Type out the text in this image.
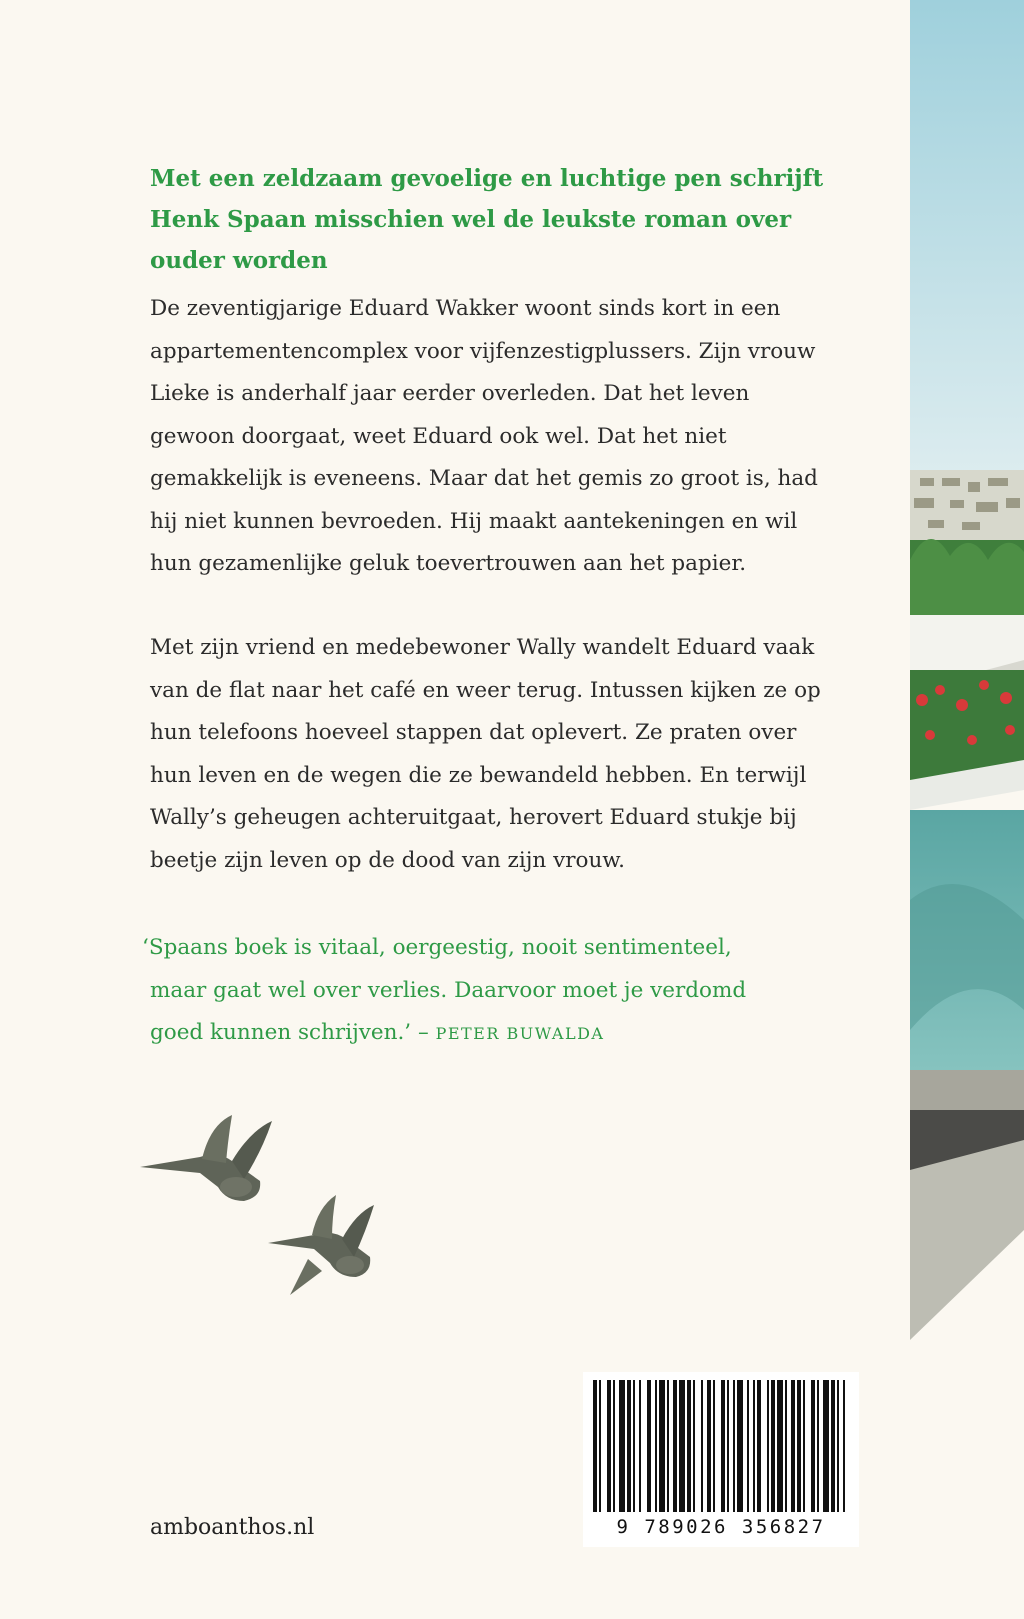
Met een zeldzaam gevoelige en luchtige pen schrijft Henk Spaan misschien wel de leukste roman over ouder worden

De zeventigjarige Eduard Wakker woont sinds kort in een appartementencomplex voor vijfenzestigplussers. Zijn vrouw Lieke is anderhalf jaar eerder overleden. Dat het leven gewoon doorgaat, weet Eduard ook wel. Dat het niet gemakkelijk is eveneens. Maar dat het gemis zo groot is, had hij niet kunnen bevroeden. Hij maakt aantekeningen en wil hun gezamenlijke geluk toevertrouwen aan het papier.

Met zijn vriend en medebewoner Wally wandelt Eduard vaak van de flat naar het café en weer terug. Intussen kijken ze op hun telefoons hoeveel stappen dat oplevert. Ze praten over hun leven en de wegen die ze bewandeld hebben. En terwijl Wally’s geheugen achteruitgaat, herovert Eduard stukje bij beetje zijn leven op de dood van zijn vrouw.

‘Spaans boek is vitaal, oergeestig, nooit sentimenteel, maar gaat wel over verlies. Daarvoor moet je verdomd goed kunnen schrijven.’ – PETER BUWALDA

9 789026 356827
amboanthos.nl
